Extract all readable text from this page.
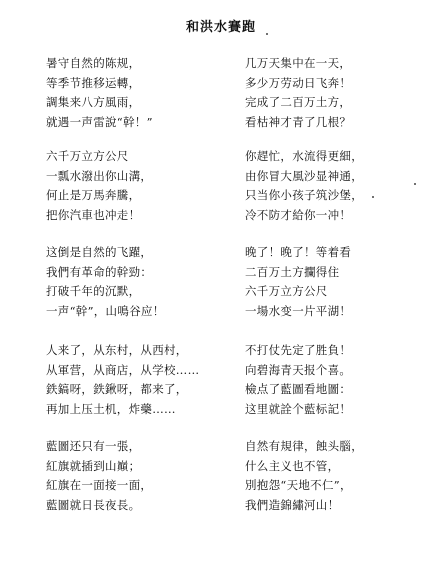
和洪水賽跑
暑守自然的陈规，
等季节推移运轉，
調集来八方風雨，
就遇一声雷說“幹！”
六千万立方公尺
一瓢水潑出你山溝，
何止是万馬奔騰，
把你汽車也冲走！
这倒是自然的飞躍，
我們有革命的幹勁：
打破千年的沉默，
一声“幹”，山鳴谷应！
人来了，从东村，从西村，
从軍营，从商店，从学校……
鉄鎬呀，鉄鍬呀，都来了，
再加上压土机，炸藥……
藍圖还只有一張，
紅旗就插到山巔；
紅旗在一面接一面，
藍圖就日長夜長。
几万天集中在一天，
多少万劳动日飞奔！
完成了二百万土方，
看枯神才青了几根？
你趕忙，水流得更細，
由你冒大風沙显神通，
只当你小孩子筑沙堡，
冷不防才給你一冲！
晚了！晚了！等着看
二百万土方攔得住
六千万立方公尺
一場水变一片平湖！
不打仗先定了胜負！
向碧海青天报个喜。
檢点了藍圖看地圖：
这里就詮个藍标記！
自然有規律，蝕头腦，
什么主义也不管，
別抱怨“天地不仁”，
我們造錦繡河山！
